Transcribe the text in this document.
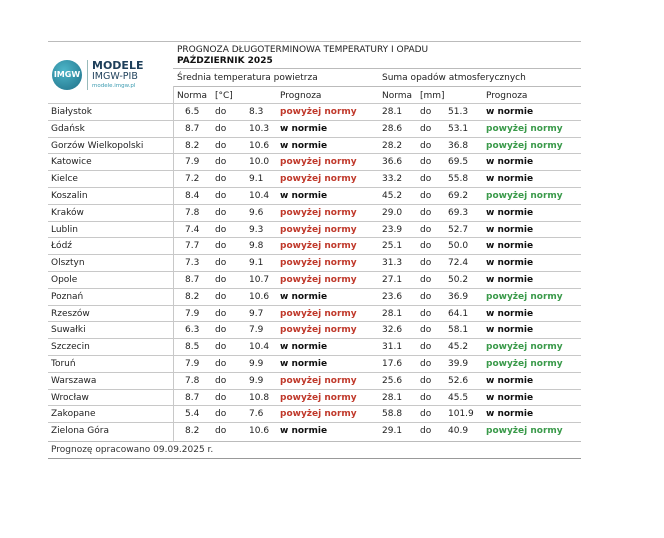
IMGW
MODELE
IMGW-PIB
modele.imgw.pl
PROGNOZA DŁUGOTERMINOWA TEMPERATURY I OPADU
PAŹDZIERNIK 2025
Średnia temperatura powietrza	Suma opadów atmosferycznych
Norma [°C]	Prognoza	Norma [mm]	Prognoza
Białystok	6.5 do	8.3 powyżej normy	28.1 do 51.3 w normie
Gdańsk	8.7 do	10.3 w normie	28.6 do 53.1 powyżej normy
Gorzów Wielkopolski	8.2 do	10.6 w normie	28.2 do 36.8 powyżej normy
Katowice	7.9 do	10.0 powyżej normy	36.6 do 69.5 w normie
Kielce	7.2 do	9.1 powyżej normy	33.2 do 55.8 w normie
Koszalin	8.4 do	10.4 w normie	45.2 do 69.2 powyżej normy
Kraków	7.8 do	9.6 powyżej normy	29.0 do 69.3 w normie
Lublin	7.4 do	9.3 powyżej normy	23.9 do 52.7 w normie
Łódź	7.7 do	9.8 powyżej normy	25.1 do 50.0 w normie
Olsztyn	7.3 do	9.1 powyżej normy	31.3 do 72.4 w normie
Opole	8.7 do	10.7 powyżej normy	27.1 do 50.2 w normie
Poznań	8.2 do	10.6 w normie	23.6 do 36.9 powyżej normy
Rzeszów	7.9 do	9.7 powyżej normy	28.1 do 64.1 w normie
Suwałki	6.3 do	7.9 powyżej normy	32.6 do 58.1 w normie
Szczecin	8.5 do	10.4 w normie	31.1 do 45.2 powyżej normy
Toruń	7.9 do	9.9 w normie	17.6 do 39.9 powyżej normy
Warszawa	7.8 do	9.9 powyżej normy	25.6 do 52.6 w normie
Wrocław	8.7 do	10.8 powyżej normy	28.1 do 45.5 w normie
Zakopane	5.4 do	7.6 powyżej normy	58.8 do 101.9 w normie
Zielona Góra	8.2 do	10.6 w normie	29.1 do 40.9 powyżej normy
Prognozę opracowano 09.09.2025 r.
